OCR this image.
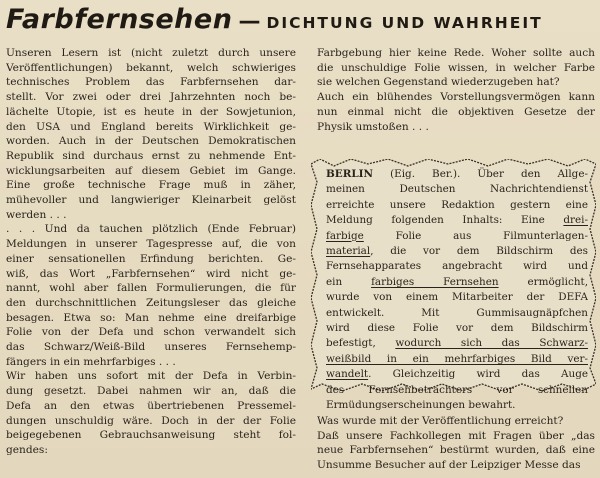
Farbfernsehen — DICHTUNG UND WAHRHEIT
Unseren Lesern ist (nicht zuletzt durch unsere
Veröffentlichungen) bekannt, welch schwieriges
technisches Problem das Farbfernsehen dar-
stellt. Vor zwei oder drei Jahrzehnten noch be-
lächelte Utopie, ist es heute in der Sowjetunion,
den USA und England bereits Wirklichkeit ge-
worden. Auch in der Deutschen Demokratischen
Republik sind durchaus ernst zu nehmende Ent-
wicklungsarbeiten auf diesem Gebiet im Gange.
Eine große technische Frage muß in zäher,
mühevoller und langwieriger Kleinarbeit gelöst
werden . . .
. . . Und da tauchen plötzlich (Ende Februar)
Meldungen in unserer Tagespresse auf, die von
einer sensationellen Erfindung berichten. Ge-
wiß, das Wort „Farbfernsehen“ wird nicht ge-
nannt, wohl aber fallen Formulierungen, die für
den durchschnittlichen Zeitungsleser das gleiche
besagen. Etwa so: Man nehme eine dreifarbige
Folie von der Defa und schon verwandelt sich
das Schwarz/Weiß-Bild unseres Fernsehemp-
fängers in ein mehrfarbiges . . .
Wir haben uns sofort mit der Defa in Verbin-
dung gesetzt. Dabei nahmen wir an, daß die
Defa an den etwas übertriebenen Pressemel-
dungen unschuldig wäre. Doch in der der Folie
beigegebenen Gebrauchsanweisung steht fol-
gendes:
Farbgebung hier keine Rede. Woher sollte auch
die unschuldige Folie wissen, in welcher Farbe
sie welchen Gegenstand wiederzugeben hat?
Auch ein blühendes Vorstellungsvermögen kann
nun einmal nicht die objektiven Gesetze der
Physik umstoßen . . .
BERLIN (Eig. Ber.). Über den Allge-
meinen Deutschen Nachrichtendienst
erreichte unsere Redaktion gestern eine
Meldung folgenden Inhalts: Eine drei-
farbige Folie aus Filmunterlagen-
material, die vor dem Bildschirm des
Fernsehapparates angebracht wird und
ein farbiges Fernsehen ermöglicht,
wurde von einem Mitarbeiter der DEFA
entwickelt. Mit Gummisaugnäpfchen
wird diese Folie vor dem Bildschirm
befestigt, wodurch sich das Schwarz-
weißbild in ein mehrfarbiges Bild ver-
wandelt. Gleichzeitig wird das Auge
des Fernsehbetrachters vor schnellen
Ermüdungserscheinungen bewahrt.
Was wurde mit der Veröffentlichung erreicht?
Daß unsere Fachkollegen mit Fragen über „das
neue Farbfernsehen“ bestürmt wurden, daß eine
Unsumme Besucher auf der Leipziger Messe das
